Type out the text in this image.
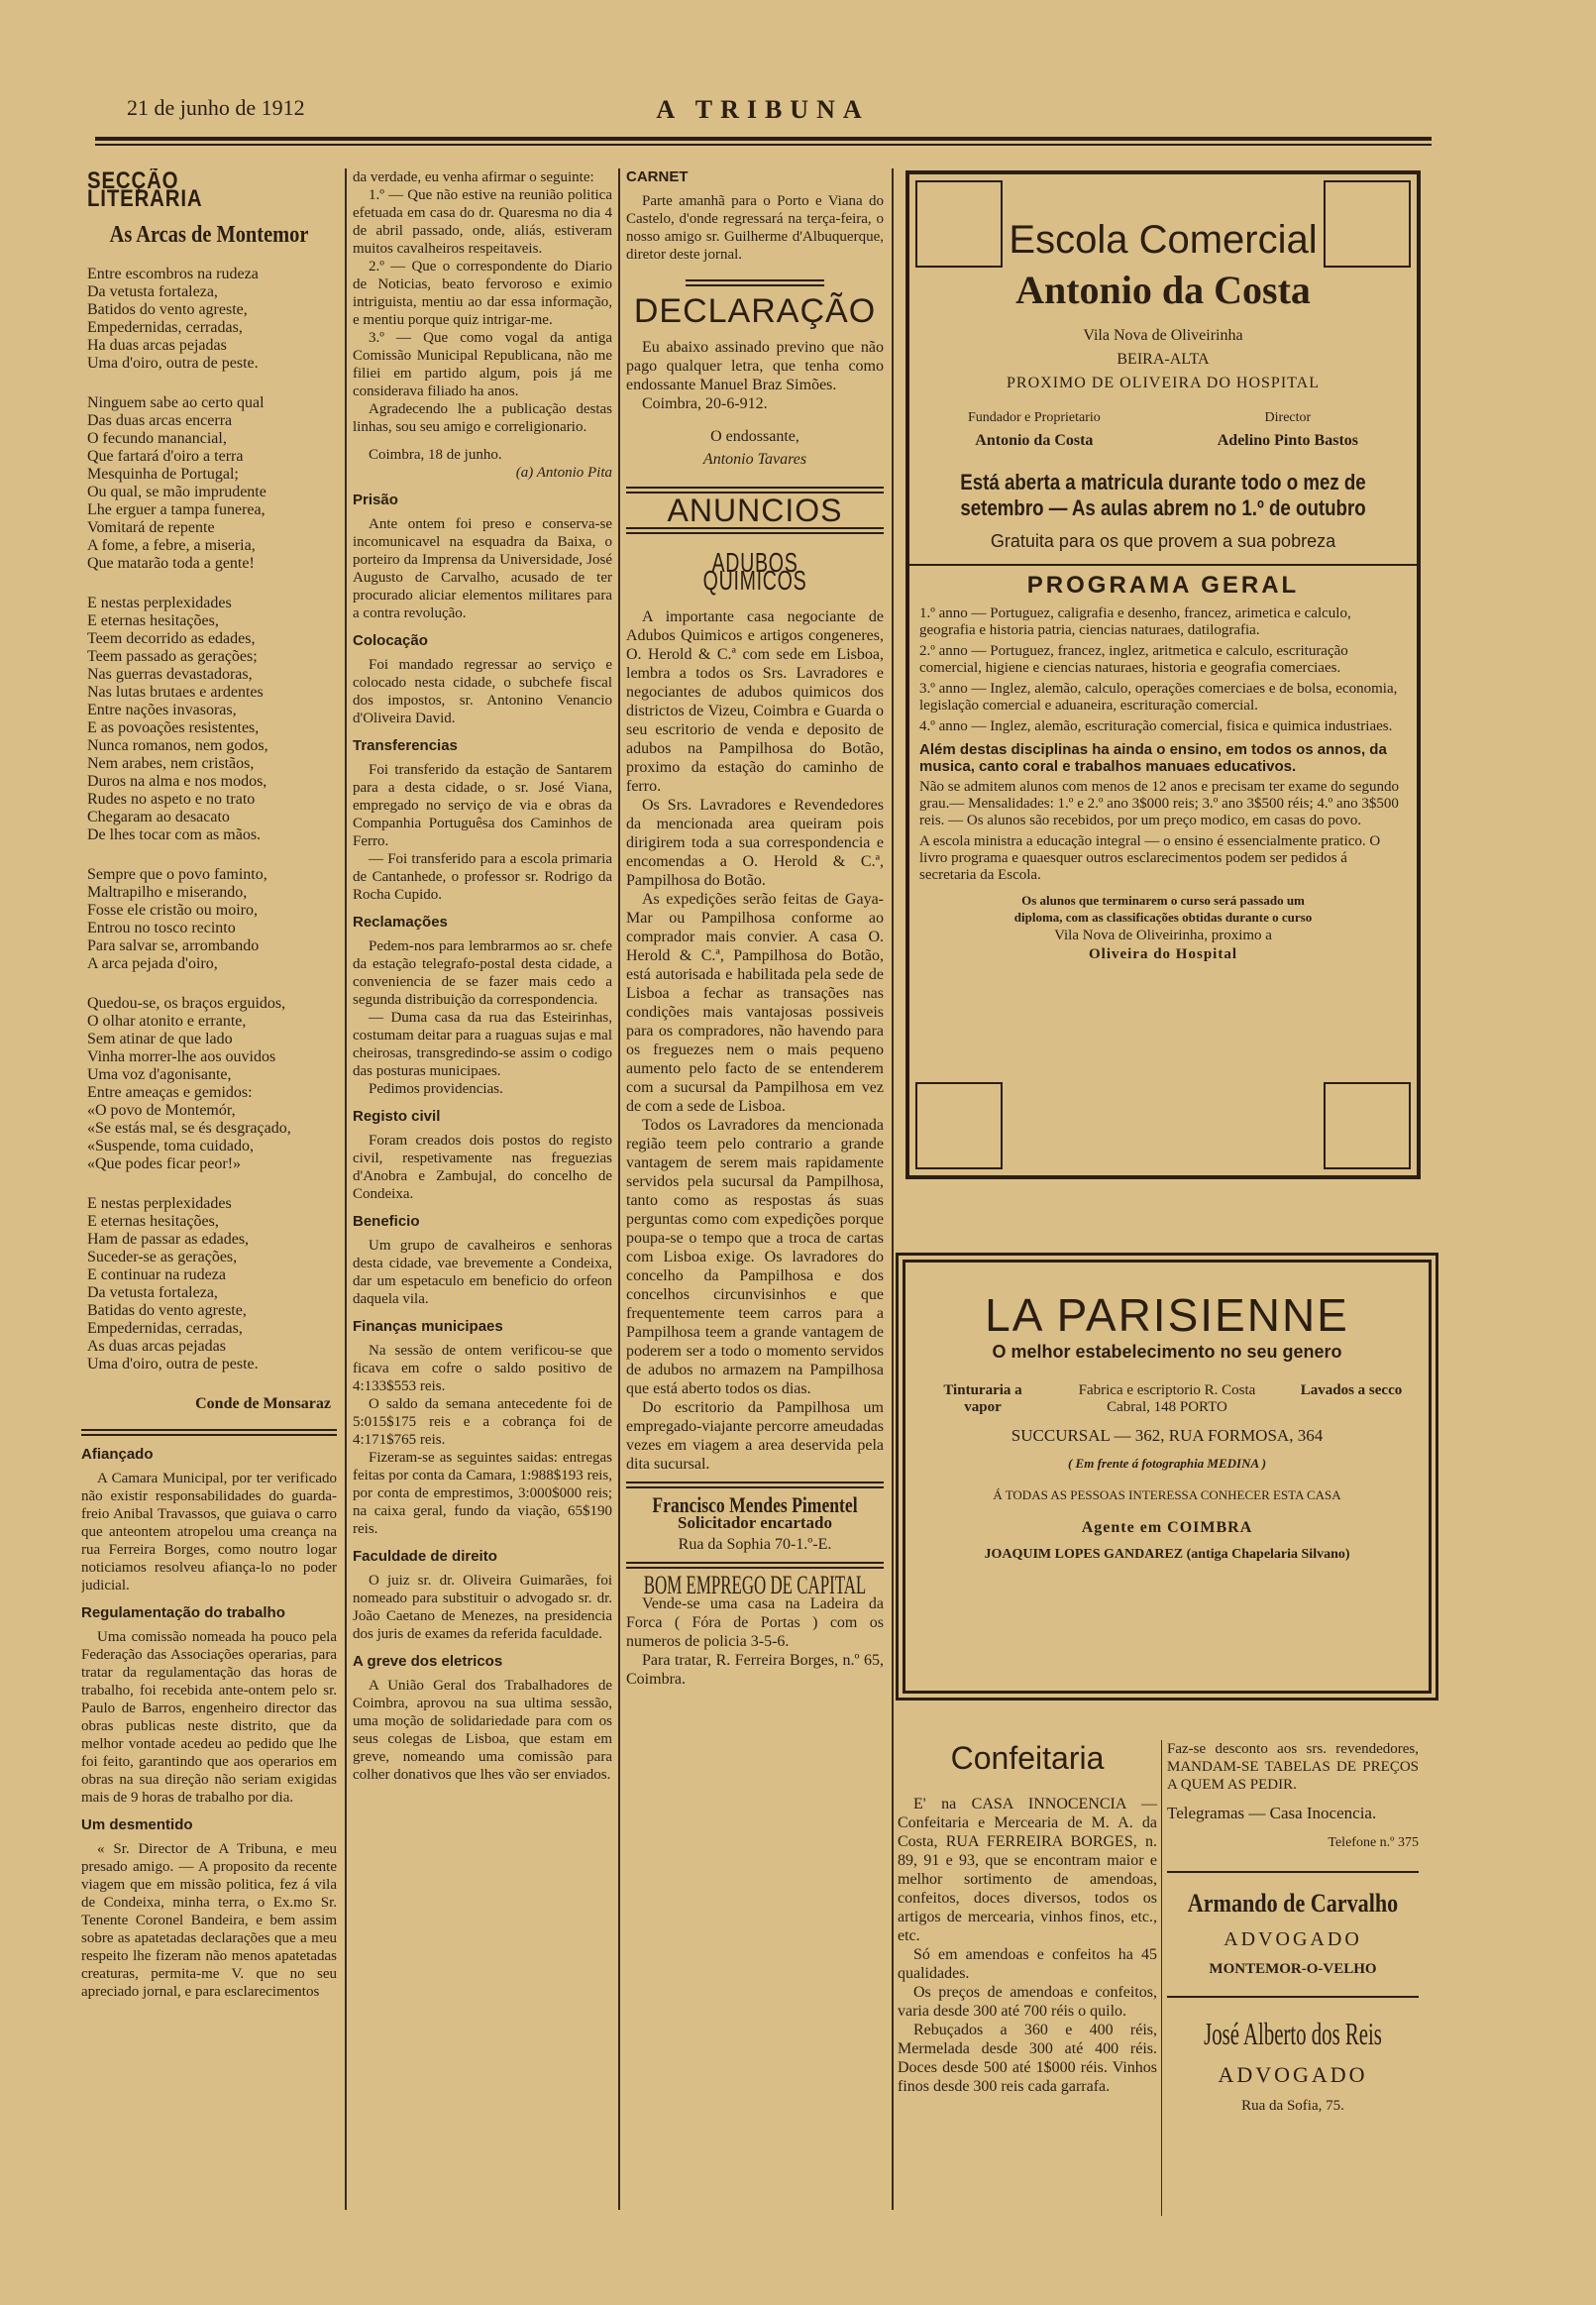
21 de junho de 1912	A TRIBUNA
SECÇÃO LITERARIA
As Arcas de Montemor

Entre escombros na rudeza
Da vetusta fortaleza,
Batidos do vento agreste,
Empedernidas, cerradas,
Ha duas arcas pejadas
Uma d'oiro, outra de peste.

Ninguem sabe ao certo qual
Das duas arcas encerra
O fecundo manancial,
Que fartará d'oiro a terra
Mesquinha de Portugal;
Ou qual, se mão imprudente
Lhe erguer a tampa funerea,
Vomitará de repente
A fome, a febre, a miseria,
Que matarão toda a gente!

E nestas perplexidades
E eternas hesitações,
Teem decorrido as edades,
Teem passado as gerações;
Nas guerras devastadoras,
Nas lutas brutaes e ardentes
Entre nações invasoras,
E as povoações resistentes,
Nunca romanos, nem godos,
Nem arabes, nem cristãos,
Duros na alma e nos modos,
Rudes no aspeto e no trato
Chegaram ao desacato
De lhes tocar com as mãos.

Sempre que o povo faminto,
Maltrapilho e miserando,
Fosse ele cristão ou moiro,
Entrou no tosco recinto
Para salvar se, arrombando
A arca pejada d'oiro,

Quedou-se, os braços erguidos,
O olhar atonito e errante,
Sem atinar de que lado
Vinha morrer-lhe aos ouvidos
Uma voz d'agonisante,
Entre ameaças e gemidos:
«O povo de Montemór,
«Se estás mal, se és desgraçado,
«Suspende, toma cuidado,
«Que podes ficar peor!»

E nestas perplexidades
E eternas hesitações,
Ham de passar as edades,
Suceder-se as gerações,
E continuar na rudeza
Da vetusta fortaleza,
Batidas do vento agreste,
Empedernidas, cerradas,
As duas arcas pejadas
Uma d'oiro, outra de peste.

Conde de Monsaraz
Afiançado

A Camara Municipal, por ter verificado não existir responsabilidades do guarda-freio Anibal Travassos, que guiava o carro que anteontem atropelou uma creança na rua Ferreira Borges, como noutro logar noticiamos resolveu afiança-lo no poder judicial.

Regulamentação do trabalho

Uma comissão nomeada ha pouco pela Federação das Associações operarias, para tratar da regulamentação das horas de trabalho, foi recebida ante-ontem pelo sr. Paulo de Barros, engenheiro director das obras publicas neste distrito, que da melhor vontade acedeu ao pedido que lhe foi feito, garantindo que aos operarios em obras na sua direção não seriam exigidas mais de 9 horas de trabalho por dia.

Um desmentido

« Sr. Director de A Tribuna, e meu presado amigo. — A proposito da recente viagem que em missão politica, fez á vila de Condeixa, minha terra, o Ex.mo Sr. Tenente Coronel Bandeira, e bem assim sobre as apatetadas declarações que a meu respeito lhe fizeram não menos apatetadas creaturas, permita-me V. que no seu apreciado jornal, e para esclarecimentos

da verdade, eu venha afirmar o seguinte:

1.º — Que não estive na reunião politica efetuada em casa do dr. Quaresma no dia 4 de abril passado, onde, aliás, estiveram muitos cavalheiros respeitaveis.

2.º — Que o correspondente do Diario de Noticias, beato fervoroso e eximio intriguista, mentiu ao dar essa informação, e mentiu porque quiz intrigar-me.

3.º — Que como vogal da antiga Comissão Municipal Republicana, não me filiei em partido algum, pois já me considerava filiado ha anos.

Agradecendo lhe a publicação destas linhas, sou seu amigo e correligionario.

Coimbra, 18 de junho.

(a) Antonio Pita

Prisão

Ante ontem foi preso e conserva-se incomunicavel na esquadra da Baixa, o porteiro da Imprensa da Universidade, José Augusto de Carvalho, acusado de ter procurado aliciar elementos militares para a contra revolução.

Colocação

Foi mandado regressar ao serviço e colocado nesta cidade, o subchefe fiscal dos impostos, sr. Antonino Venancio d'Oliveira David.

Transferencias

Foi transferido da estação de Santarem para a desta cidade, o sr. José Viana, empregado no serviço de via e obras da Companhia Portuguêsa dos Caminhos de Ferro.

— Foi transferido para a escola primaria de Cantanhede, o professor sr. Rodrigo da Rocha Cupido.

Reclamações

Pedem-nos para lembrarmos ao sr. chefe da estação telegrafo-postal desta cidade, a conveniencia de se fazer mais cedo a segunda distribuição da correspondencia.

— Duma casa da rua das Esteirinhas, costumam deitar para a ruaguas sujas e mal cheirosas, transgredindo-se assim o codigo das posturas municipaes.

Pedimos providencias.

Registo civil

Foram creados dois postos do registo civil, respetivamente nas freguezias d'Anobra e Zambujal, do concelho de Condeixa.

Beneficio

Um grupo de cavalheiros e senhoras desta cidade, vae brevemente a Condeixa, dar um espetaculo em beneficio do orfeon daquela vila.

Finanças municipaes

Na sessão de ontem verificou-se que ficava em cofre o saldo positivo de 4:133$553 reis.

O saldo da semana antecedente foi de 5:015$175 reis e a cobrança foi de 4:171$765 reis.

Fizeram-se as seguintes saidas: entregas feitas por conta da Camara, 1:988$193 reis, por conta de emprestimos, 3:000$000 reis; na caixa geral, fundo da viação, 65$190 reis.

Faculdade de direito

O juiz sr. dr. Oliveira Guimarães, foi nomeado para substituir o advogado sr. dr. João Caetano de Menezes, na presidencia dos juris de exames da referida faculdade.

A greve dos eletricos

A União Geral dos Trabalhadores de Coimbra, aprovou na sua ultima sessão, uma moção de solidariedade para com os seus colegas de Lisboa, que estam em greve, nomeando uma comissão para colher donativos que lhes vão ser enviados.

CARNET

Parte amanhã para o Porto e Viana do Castelo, d'onde regressará na terça-feira, o nosso amigo sr. Guilherme d'Albuquerque, diretor deste jornal.

DECLARAÇÃO

Eu abaixo assinado previno que não pago qualquer letra, que tenha como endossante Manuel Braz Simões.

Coimbra, 20-6-912.

O endossante,

Antonio Tavares

ANUNCIOS
ADUBOS QUIMICOS

A importante casa negociante de Adubos Quimicos e artigos congeneres, O. Herold & C.ª com sede em Lisboa, lembra a todos os Srs. Lavradores e negociantes de adubos quimicos dos districtos de Vizeu, Coimbra e Guarda o seu escritorio de venda e deposito de adubos na Pampilhosa do Botão, proximo da estação do caminho de ferro.

Os Srs. Lavradores e Revendedores da mencionada area queiram pois dirigirem toda a sua correspondencia e encomendas a O. Herold & C.ª, Pampilhosa do Botão.

As expedições serão feitas de Gaya-Mar ou Pampilhosa conforme ao comprador mais convier. A casa O. Herold & C.ª, Pampilhosa do Botão, está autorisada e habilitada pela sede de Lisboa a fechar as transações nas condições mais vantajosas possiveis para os compradores, não havendo para os freguezes nem o mais pequeno aumento pelo facto de se entenderem com a sucursal da Pampilhosa em vez de com a sede de Lisboa.

Todos os Lavradores da mencionada região teem pelo contrario a grande vantagem de serem mais rapidamente servidos pela sucursal da Pampilhosa, tanto como as respostas ás suas perguntas como com expedições porque poupa-se o tempo que a troca de cartas com Lisboa exige. Os lavradores do concelho da Pampilhosa e dos concelhos circunvisinhos e que frequentemente teem carros para a Pampilhosa teem a grande vantagem de poderem ser a todo o momento servidos de adubos no armazem na Pampilhosa que está aberto todos os dias.

Do escritorio da Pampilhosa um empregado-viajante percorre ameudadas vezes em viagem a area deservida pela dita sucursal.

Francisco Mendes Pimentel
Solicitador encartado
Rua da Sophia 70-1.º-E.
BOM EMPREGO DE CAPITAL

Vende-se uma casa na Ladeira da Forca ( Fóra de Portas ) com os numeros de policia 3-5-6.

Para tratar, R. Ferreira Borges, n.º 65, Coimbra.

Escola Comercial
Antonio da Costa
Vila Nova de Oliveirinha
BEIRA-ALTA
PROXIMO DE OLIVEIRA DO HOSPITAL
Fundador e Proprietario
Antonio da Costa
Director
Adelino Pinto Bastos
Está aberta a matricula durante todo o mez de setembro — As aulas abrem no 1.º de outubro
Gratuita para os que provem a sua pobreza
PROGRAMA GERAL
1.º anno — Portuguez, caligrafia e desenho, francez, arimetica e calculo, geografia e historia patria, ciencias naturaes, datilografia.
2.º anno — Portuguez, francez, inglez, aritmetica e calculo, escrituração comercial, higiene e ciencias naturaes, historia e geografia comerciaes.
3.º anno — Inglez, alemão, calculo, operações comerciaes e de bolsa, economia, legislação comercial e aduaneira, escrituração comercial.
4.º anno — Inglez, alemão, escrituração comercial, fisica e quimica industriaes.
Além destas disciplinas ha ainda o ensino, em todos os annos, da musica, canto coral e trabalhos manuaes educativos.
Não se admitem alunos com menos de 12 anos e precisam ter exame do segundo grau.— Mensalidades: 1.º e 2.º ano 3$000 reis; 3.º ano 3$500 réis; 4.º ano 3$500 reis. — Os alunos são recebidos, por um preço modico, em casas do povo.
A escola ministra a educação integral — o ensino é essencialmente pratico. O livro programa e quaesquer outros esclarecimentos podem ser pedidos á secretaria da Escola.
Os alunos que terminarem o curso será passado um diploma, com as classificações obtidas durante o curso
Vila Nova de Oliveirinha, proximo a
Oliveira do Hospital
LA PARISIENNE
O melhor estabelecimento no seu genero
Tinturaria a vapor
Fabrica e escriptorio R. Costa Cabral, 148 PORTO
Lavados a secco
SUCCURSAL — 362, RUA FORMOSA, 364
( Em frente á fotographia MEDINA )
Á TODAS AS PESSOAS INTERESSA CONHECER ESTA CASA
Agente em COIMBRA
JOAQUIM LOPES GANDAREZ (antiga Chapelaria Silvano)
Confeitaria

E' na CASA INNOCENCIA — Confeitaria e Mercearia de M. A. da Costa, RUA FERREIRA BORGES, n. 89, 91 e 93, que se encontram maior e melhor sortimento de amendoas, confeitos, doces diversos, todos os artigos de mercearia, vinhos finos, etc., etc.

Só em amendoas e confeitos ha 45 qualidades.

Os preços de amendoas e confeitos, varia desde 300 até 700 réis o quilo.

Rebuçados a 360 e 400 réis, Mermelada desde 300 até 400 réis. Doces desde 500 até 1$000 réis. Vinhos finos desde 300 reis cada garrafa.

Faz-se desconto aos srs. revendedores, MANDAM-SE TABELAS DE PREÇOS A QUEM AS PEDIR.
Telegramas — Casa Inocencia.
Telefone n.º 375
Armando de Carvalho
ADVOGADO
MONTEMOR-O-VELHO
José Alberto dos Reis
ADVOGADO
Rua da Sofia, 75.
